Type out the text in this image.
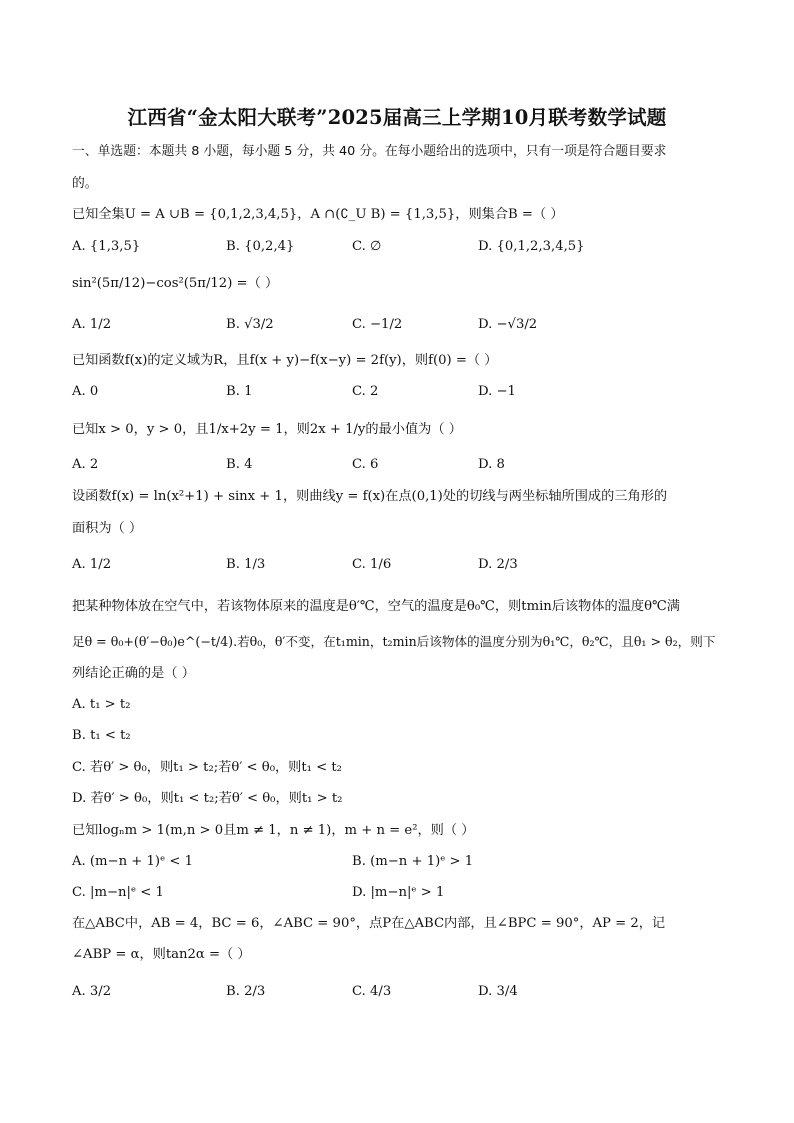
江西省“金太阳大联考”2025届高三上学期10月联考数学试题
一、单选题：本题共 8 小题，每小题 5 分，共 40 分。在每小题给出的选项中，只有一项是符合题目要求
的。
已知全集U = A ∪B = {0,1,2,3,4,5}，A ∩(∁_U B) = {1,3,5}，则集合B =（ ）
A. {1,3,5}	B. {0,2,4}	C. ∅	D. {0,1,2,3,4,5}
sin²(5π/12)−cos²(5π/12) =（ ）
A. 1/2	B. √3/2	C. −1/2	D. −√3/2
已知函数f(x)的定义域为R，且f(x + y)−f(x−y) = 2f(y)，则f(0) =（ ）
A. 0	B. 1	C. 2	D. −1
已知x > 0，y > 0，且1/x+2y = 1，则2x + 1/y的最小值为（ ）
A. 2	B. 4	C. 6	D. 8
设函数f(x) = ln(x²+1) + sinx + 1，则曲线y = f(x)在点(0,1)处的切线与两坐标轴所围成的三角形的
面积为（ ）
A. 1/2	B. 1/3	C. 1/6	D. 2/3
把某种物体放在空气中，若该物体原来的温度是θ′℃，空气的温度是θ₀℃，则tmin后该物体的温度θ℃满
足θ = θ₀+(θ′−θ₀)e^(−t/4).若θ₀，θ′不变，在t₁min，t₂min后该物体的温度分别为θ₁℃，θ₂℃，且θ₁ > θ₂，则下
列结论正确的是（ ）
A. t₁ > t₂
B. t₁ < t₂
C. 若θ′ > θ₀，则t₁ > t₂;若θ′ < θ₀，则t₁ < t₂
D. 若θ′ > θ₀，则t₁ < t₂;若θ′ < θ₀，则t₁ > t₂
已知logₙm > 1(m,n > 0且m ≠ 1，n ≠ 1)，m + n = e²，则（ ）
A. (m−n + 1)ᵉ < 1	B. (m−n + 1)ᵉ > 1
C. |m−n|ᵉ < 1	D. |m−n|ᵉ > 1
在△ABC中，AB = 4，BC = 6，∠ABC = 90°，点P在△ABC内部，且∠BPC = 90°，AP = 2，记
∠ABP = α，则tan2α =（ ）
A. 3/2	B. 2/3	C. 4/3	D. 3/4
